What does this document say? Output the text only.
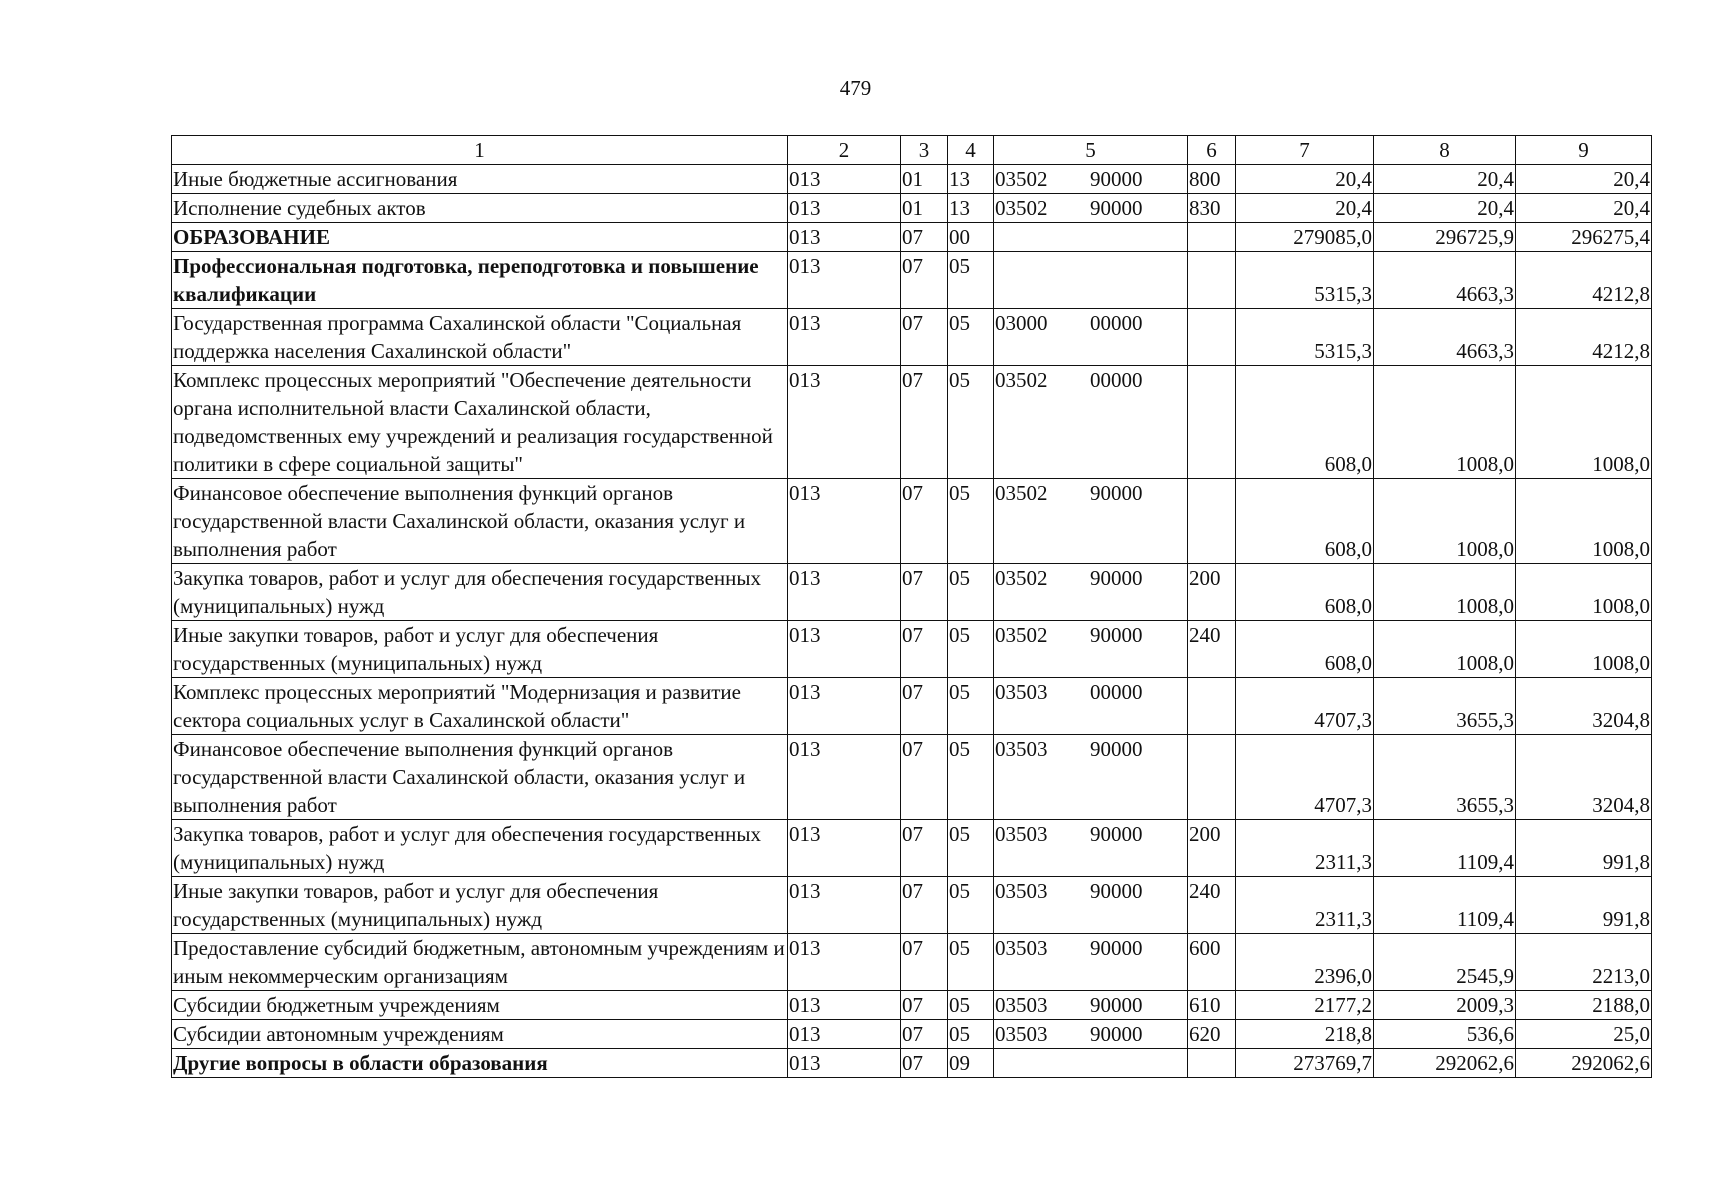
479
1	2	3	4	5	6	7	8	9
Иные бюджетные ассигнования	013	01	13	03502 90000	800	20,4	20,4	20,4
Исполнение судебных актов	013	01	13	03502 90000	830	20,4	20,4	20,4
ОБРАЗОВАНИЕ	013	07	00			279085,0	296725,9	296275,4
Профессиональная подготовка, переподготовка и повышение квалификации	013	07	05			5315,3	4663,3	4212,8
Государственная программа Сахалинской области "Социальная поддержка населения Сахалинской области"	013	07	05	03000 00000		5315,3	4663,3	4212,8
Комплекс процессных мероприятий "Обеспечение деятельности органа исполнительной власти Сахалинской области, подведомственных ему учреждений и реализация государственной политики в сфере социальной защиты"	013	07	05	03502 00000		608,0	1008,0	1008,0
Финансовое обеспечение выполнения функций органов государственной власти Сахалинской области, оказания услуг и выполнения работ	013	07	05	03502 90000		608,0	1008,0	1008,0
Закупка товаров, работ и услуг для обеспечения государственных (муниципальных) нужд	013	07	05	03502 90000	200	608,0	1008,0	1008,0
Иные закупки товаров, работ и услуг для обеспечения государственных (муниципальных) нужд	013	07	05	03502 90000	240	608,0	1008,0	1008,0
Комплекс процессных мероприятий "Модернизация и развитие сектора социальных услуг в Сахалинской области"	013	07	05	03503 00000		4707,3	3655,3	3204,8
Финансовое обеспечение выполнения функций органов государственной власти Сахалинской области, оказания услуг и выполнения работ	013	07	05	03503 90000		4707,3	3655,3	3204,8
Закупка товаров, работ и услуг для обеспечения государственных (муниципальных) нужд	013	07	05	03503 90000	200	2311,3	1109,4	991,8
Иные закупки товаров, работ и услуг для обеспечения государственных (муниципальных) нужд	013	07	05	03503 90000	240	2311,3	1109,4	991,8
Предоставление субсидий бюджетным, автономным учреждениям и иным некоммерческим организациям	013	07	05	03503 90000	600	2396,0	2545,9	2213,0
Субсидии бюджетным учреждениям	013	07	05	03503 90000	610	2177,2	2009,3	2188,0
Субсидии автономным учреждениям	013	07	05	03503 90000	620	218,8	536,6	25,0
Другие вопросы в области образования	013	07	09			273769,7	292062,6	292062,6
